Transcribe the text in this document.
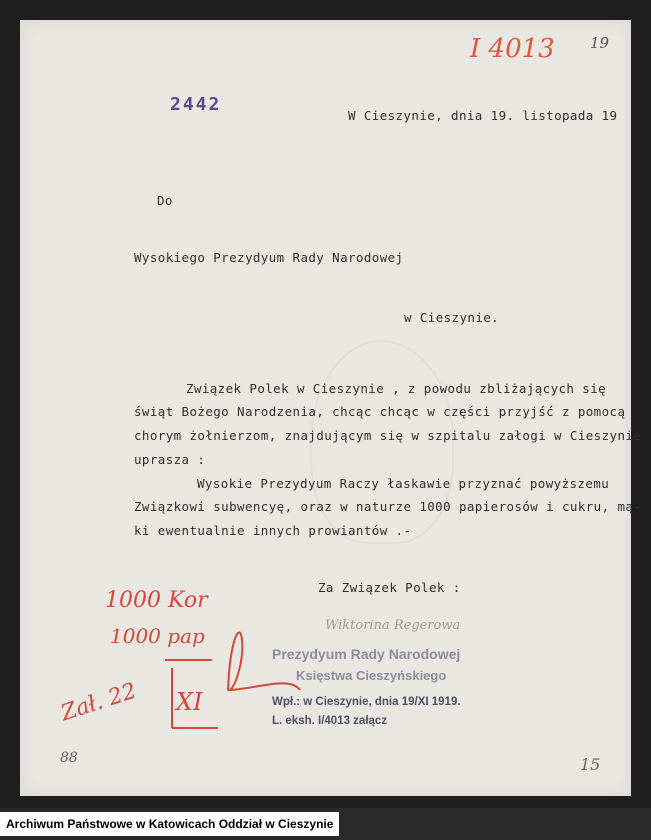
I 4013 19
2442
W Cieszynie, dnia 19. listopada 19
Do
Wysokiego Prezydyum Rady Narodowej
w Cieszynie.
Związek Polek w Cieszynie , z powodu zbliżających się
świąt Bożego Narodzenia, chcąc chcąc w części przyjść z pomocą
chorym żołnierzom, znajdującym się w szpitalu załogi w Cieszynie
uprasza :
Wysokie Prezydyum Raczy łaskawie przyznać powyższemu
Związkowi subwencyę, oraz w naturze 1000 papierosów i cukru, mą-
ki ewentualnie innych prowiantów .-
Za Związek Polek :
Wiktorina Regerowa
1000 Kor
1000 pap
Zał. 22 XI
Prezydyum Rady Narodowej
Księstwa Cieszyńskiego
Wpł.: w Cieszynie, dnia 19/XI 1919.
L. eksh. I/4013 załącz
88	15
Archiwum Państwowe w Katowicach Oddział w Cieszynie
